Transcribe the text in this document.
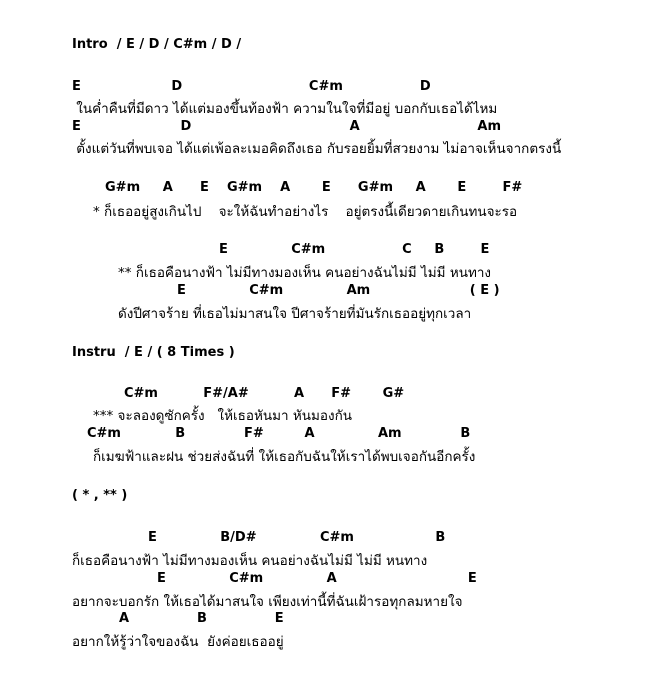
Intro  / E / D / C#m / D /
E                    D                            C#m                 D
ในค่ำคืนที่มีดาว ได้แต่มองขึ้นท้องฟ้า ความในใจที่มีอยู่ บอกกับเธอได้ไหม
E                      D                                   A                          Am
ตั้งแต่วันที่พบเจอ ได้แต่เพ้อละเมอคิดถึงเธอ กับรอยยิ้มที่สวยงาม ไม่อาจเห็นจากตรงนี้
G#m     A      E    G#m    A       E      G#m     A       E        F#
* ก็เธออยู่สูงเกินไป    จะให้ฉันทำอย่างไร    อยู่ตรงนี้เดียวดายเกินทนจะรอ
E              C#m                 C     B        E
** ก็เธอคือนางฟ้า ไม่มีทางมองเห็น คนอย่างฉันไม่มี ไม่มี หนทาง
E              C#m              Am                      ( E )
ดังปีศาจร้าย ที่เธอไม่มาสนใจ ปีศาจร้ายที่มันรักเธออยู่ทุกเวลา
Instru  / E / ( 8 Times )
C#m          F#/A#          A      F#       G#
*** จะลองดูซักครั้ง   ให้เธอหันมา หันมองกัน
C#m            B             F#         A              Am             B
ก็เมฆฟ้าและฝน ช่วยส่งฉันที่ ให้เธอกับฉันให้เราได้พบเจอกันอีกครั้ง
( * , ** )
E              B/D#              C#m                  B
ก็เธอคือนางฟ้า ไม่มีทางมองเห็น คนอย่างฉันไม่มี ไม่มี หนทาง
E              C#m              A                             E
อยากจะบอกรัก ให้เธอได้มาสนใจ เพียงเท่านี้ที่ฉันเฝ้ารอทุกลมหายใจ
A               B               E
อยากให้รู้ว่าใจของฉัน  ยังค่อยเธออยู่
